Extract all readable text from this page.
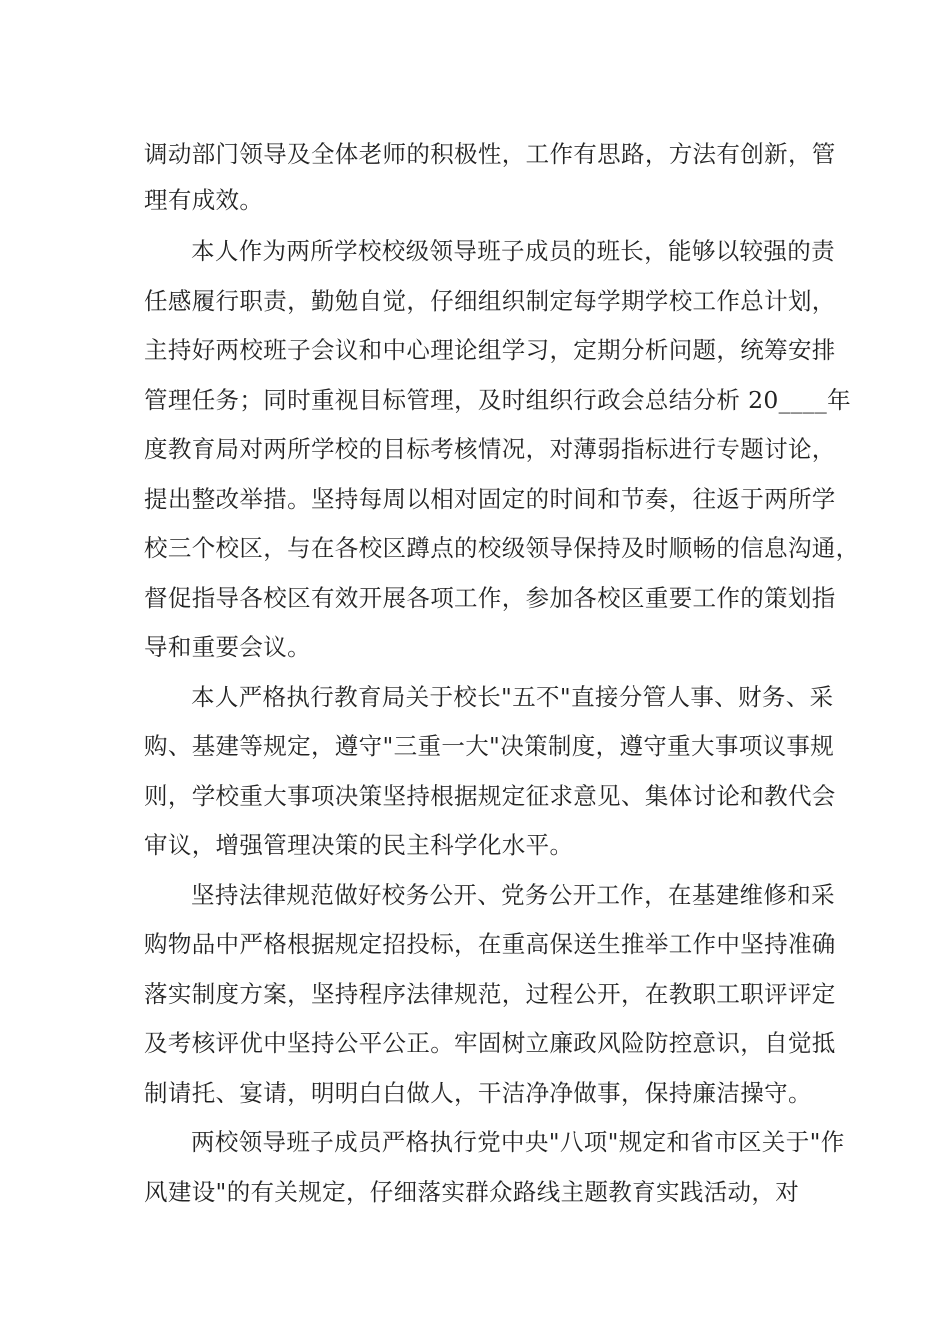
调动部门领导及全体老师的积极性，工作有思路，方法有创新，管
理有成效。
本人作为两所学校校级领导班子成员的班长，能够以较强的责
任感履行职责，勤勉自觉，仔细组织制定每学期学校工作总计划，
主持好两校班子会议和中心理论组学习，定期分析问题，统筹安排
管理任务；同时重视目标管理，及时组织行政会总结分析 20____年
度教育局对两所学校的目标考核情况，对薄弱指标进行专题讨论，
提出整改举措。坚持每周以相对固定的时间和节奏，往返于两所学
校三个校区，与在各校区蹲点的校级领导保持及时顺畅的信息沟通，
督促指导各校区有效开展各项工作，参加各校区重要工作的策划指
导和重要会议。
本人严格执行教育局关于校长"五不"直接分管人事、财务、采
购、基建等规定，遵守"三重一大"决策制度，遵守重大事项议事规
则，学校重大事项决策坚持根据规定征求意见、集体讨论和教代会
审议，增强管理决策的民主科学化水平。
坚持法律规范做好校务公开、党务公开工作，在基建维修和采
购物品中严格根据规定招投标，在重高保送生推举工作中坚持准确
落实制度方案，坚持程序法律规范，过程公开，在教职工职评评定
及考核评优中坚持公平公正。牢固树立廉政风险防控意识，自觉抵
制请托、宴请，明明白白做人，干洁净净做事，保持廉洁操守。
两校领导班子成员严格执行党中央"八项"规定和省市区关于"作
风建设"的有关规定，仔细落实群众路线主题教育实践活动，对
